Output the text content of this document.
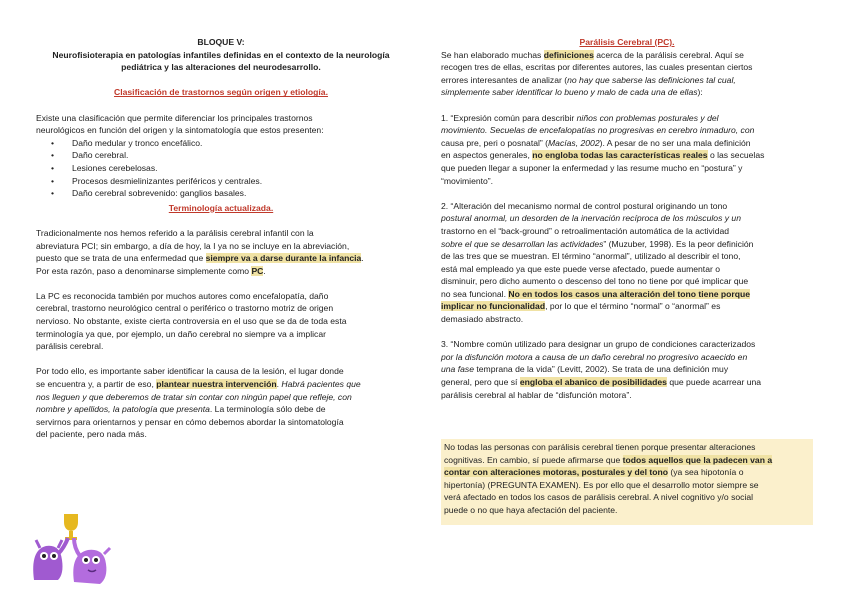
BLOQUE V:

Neurofisioterapia en patologías infantiles definidas en el contexto de la neurología

pediátrica y las alteraciones del neurodesarrollo.

Clasificación de trastornos según origen y etiología.

Existe una clasificación que permite diferenciar los principales trastornos

neurológicos en función del origen y la sintomatología que estos presenten:

• Daño medular y tronco encefálico.
• Daño cerebral.
• Lesiones cerebelosas.
• Procesos desmielinizantes periféricos y centrales.
• Daño cerebral sobrevenido: ganglios basales.

Terminología actualizada.

Tradicionalmente nos hemos referido a la parálisis cerebral infantil con la

abreviatura PCI; sin embargo, a día de hoy, la I ya no se incluye en la abreviación,

puesto que se trata de una enfermedad que siempre va a darse durante la infancia.

Por esta razón, paso a denominarse simplemente como PC.

La PC es reconocida también por muchos autores como encefalopatía, daño

cerebral, trastorno neurológico central o periférico o trastorno motriz de origen

nervioso. No obstante, existe cierta controversia en el uso que se da de toda esta

terminología ya que, por ejemplo, un daño cerebral no siempre va a implicar

parálisis cerebral.

Por todo ello, es importante saber identificar la causa de la lesión, el lugar donde

se encuentra y, a partir de eso, plantear nuestra intervención. Habrá pacientes que

nos lleguen y que deberemos de tratar sin contar con ningún papel que refleje, con

nombre y apellidos, la patología que presenta. La terminología sólo debe de

servirnos para orientarnos y pensar en cómo debemos abordar la sintomatología

del paciente, pero nada más.

Parálisis Cerebral (PC).

Se han elaborado muchas definiciones acerca de la parálisis cerebral. Aquí se

recogen tres de ellas, escritas por diferentes autores, las cuales presentan ciertos

errores interesantes de analizar (no hay que saberse las definiciones tal cual,

simplemente saber identificar lo bueno y malo de cada una de ellas):

1. “Expresión común para describir niños con problemas posturales y del

movimiento. Secuelas de encefalopatías no progresivas en cerebro inmaduro, con

causa pre, peri o posnatal” (Macías, 2002). A pesar de no ser una mala definición

en aspectos generales, no engloba todas las características reales o las secuelas

que pueden llegar a suponer la enfermedad y las resume mucho en “postura” y

“movimiento”.

2. “Alteración del mecanismo normal de control postural originando un tono

postural anormal, un desorden de la inervación recíproca de los músculos y un

trastorno en el “back-ground” o retroalimentación automática de la actividad

sobre el que se desarrollan las actividades” (Muzuber, 1998). Es la peor definición

de las tres que se muestran. El término “anormal”, utilizado al describir el tono,

está mal empleado ya que este puede verse afectado, puede aumentar o

disminuir, pero dicho aumento o descenso del tono no tiene por qué implicar que

no sea funcional. No en todos los casos una alteración del tono tiene porque

implicar no funcionalidad, por lo que el término “normal” o “anormal” es

demasiado abstracto.

3. “Nombre común utilizado para designar un grupo de condiciones caracterizados

por la disfunción motora a causa de un daño cerebral no progresivo acaecido en

una fase temprana de la vida” (Levitt, 2002). Se trata de una definición muy

general, pero que sí engloba el abanico de posibilidades que puede acarrear una

parálisis cerebral al hablar de “disfunción motora”.

No todas las personas con parálisis cerebral tienen porque presentar alteraciones

cognitivas. En cambio, sí puede afirmarse que todos aquellos que la padecen van a

contar con alteraciones motoras, posturales y del tono (ya sea hipotonía o

hipertonía) (PREGUNTA EXAMEN). Es por ello que el desarrollo motor siempre se

verá afectado en todos los casos de parálisis cerebral. A nivel cognitivo y/o social

puede o no que haya afectación del paciente.
